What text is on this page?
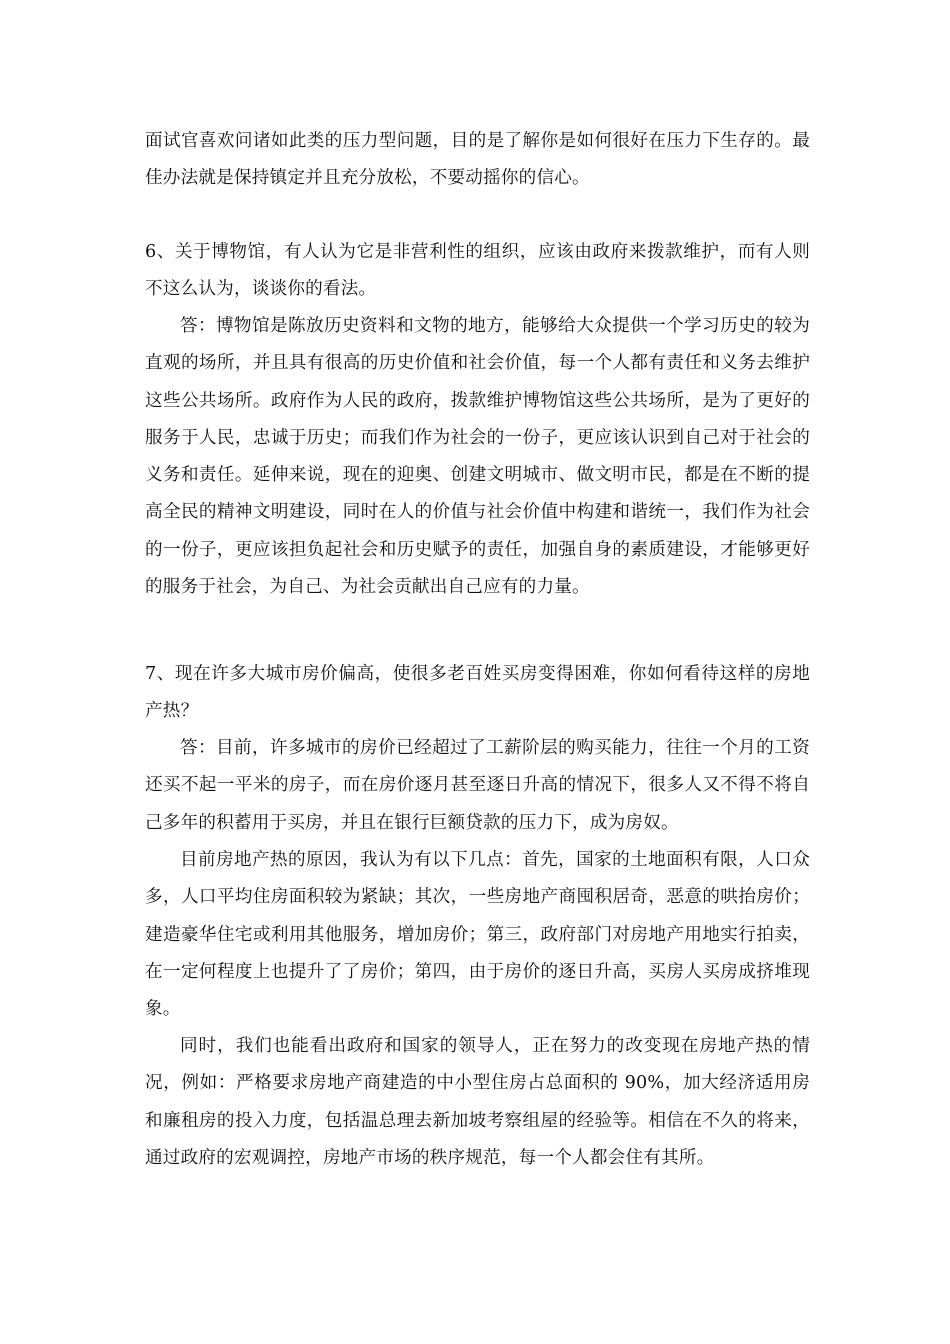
面试官喜欢问诸如此类的压力型问题，目的是了解你是如何很好在压力下生存的。最佳办法就是保持镇定并且充分放松，不要动摇你的信心。

6、关于博物馆，有人认为它是非营利性的组织，应该由政府来拨款维护，而有人则不这么认为，谈谈你的看法。

答：博物馆是陈放历史资料和文物的地方，能够给大众提供一个学习历史的较为直观的场所，并且具有很高的历史价值和社会价值，每一个人都有责任和义务去维护这些公共场所。政府作为人民的政府，拨款维护博物馆这些公共场所，是为了更好的服务于人民，忠诚于历史；而我们作为社会的一份子，更应该认识到自己对于社会的义务和责任。延伸来说，现在的迎奥、创建文明城市、做文明市民，都是在不断的提高全民的精神文明建设，同时在人的价值与社会价值中构建和谐统一，我们作为社会的一份子，更应该担负起社会和历史赋予的责任，加强自身的素质建设，才能够更好的服务于社会，为自己、为社会贡献出自己应有的力量。

7、现在许多大城市房价偏高，使很多老百姓买房变得困难，你如何看待这样的房地产热？

答：目前，许多城市的房价已经超过了工薪阶层的购买能力，往往一个月的工资还买不起一平米的房子，而在房价逐月甚至逐日升高的情况下，很多人又不得不将自己多年的积蓄用于买房，并且在银行巨额贷款的压力下，成为房奴。

目前房地产热的原因，我认为有以下几点：首先，国家的土地面积有限，人口众多，人口平均住房面积较为紧缺；其次，一些房地产商囤积居奇，恶意的哄抬房价；建造豪华住宅或利用其他服务，增加房价；第三，政府部门对房地产用地实行拍卖，在一定何程度上也提升了了房价；第四，由于房价的逐日升高，买房人买房成挤堆现象。

同时，我们也能看出政府和国家的领导人，正在努力的改变现在房地产热的情况，例如：严格要求房地产商建造的中小型住房占总面积的 90%，加大经济适用房和廉租房的投入力度，包括温总理去新加坡考察组屋的经验等。相信在不久的将来，通过政府的宏观调控，房地产市场的秩序规范，每一个人都会住有其所。
